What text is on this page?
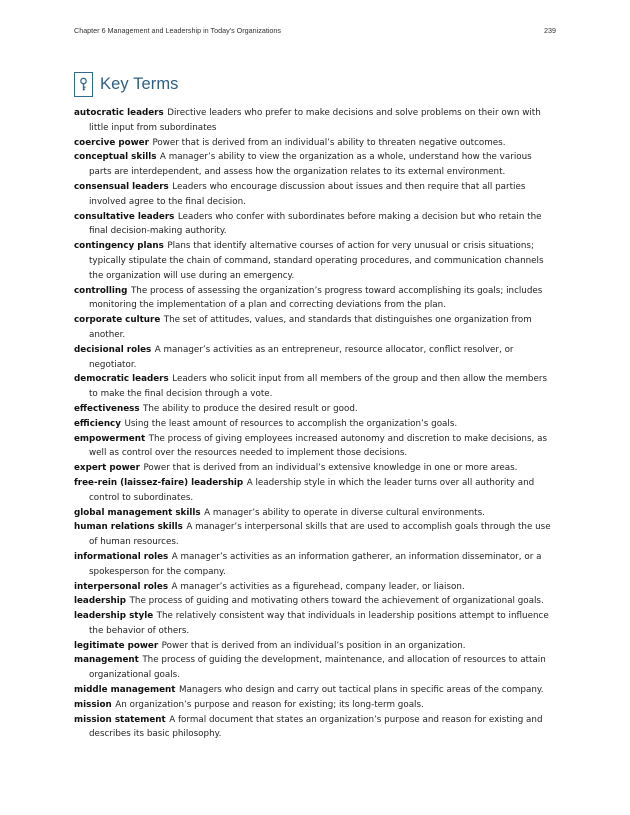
Chapter 6 Management and Leadership in Today's Organizations	239
Key Terms
autocratic leaders Directive leaders who prefer to make decisions and solve problems on their own with little input from subordinates
coercive power Power that is derived from an individual’s ability to threaten negative outcomes.
conceptual skills A manager’s ability to view the organization as a whole, understand how the various parts are interdependent, and assess how the organization relates to its external environment.
consensual leaders Leaders who encourage discussion about issues and then require that all parties involved agree to the final decision.
consultative leaders Leaders who confer with subordinates before making a decision but who retain the final decision-making authority.
contingency plans Plans that identify alternative courses of action for very unusual or crisis situations; typically stipulate the chain of command, standard operating procedures, and communication channels the organization will use during an emergency.
controlling The process of assessing the organization’s progress toward accomplishing its goals; includes monitoring the implementation of a plan and correcting deviations from the plan.
corporate culture The set of attitudes, values, and standards that distinguishes one organization from another.
decisional roles A manager’s activities as an entrepreneur, resource allocator, conflict resolver, or negotiator.
democratic leaders Leaders who solicit input from all members of the group and then allow the members to make the final decision through a vote.
effectiveness The ability to produce the desired result or good.
efficiency Using the least amount of resources to accomplish the organization’s goals.
empowerment The process of giving employees increased autonomy and discretion to make decisions, as well as control over the resources needed to implement those decisions.
expert power Power that is derived from an individual’s extensive knowledge in one or more areas.
free-rein (laissez-faire) leadership A leadership style in which the leader turns over all authority and control to subordinates.
global management skills A manager’s ability to operate in diverse cultural environments.
human relations skills A manager’s interpersonal skills that are used to accomplish goals through the use of human resources.
informational roles A manager’s activities as an information gatherer, an information disseminator, or a spokesperson for the company.
interpersonal roles A manager’s activities as a figurehead, company leader, or liaison.
leadership The process of guiding and motivating others toward the achievement of organizational goals.
leadership style The relatively consistent way that individuals in leadership positions attempt to influence the behavior of others.
legitimate power Power that is derived from an individual’s position in an organization.
management The process of guiding the development, maintenance, and allocation of resources to attain organizational goals.
middle management Managers who design and carry out tactical plans in specific areas of the company.
mission An organization’s purpose and reason for existing; its long-term goals.
mission statement A formal document that states an organization’s purpose and reason for existing and describes its basic philosophy.
